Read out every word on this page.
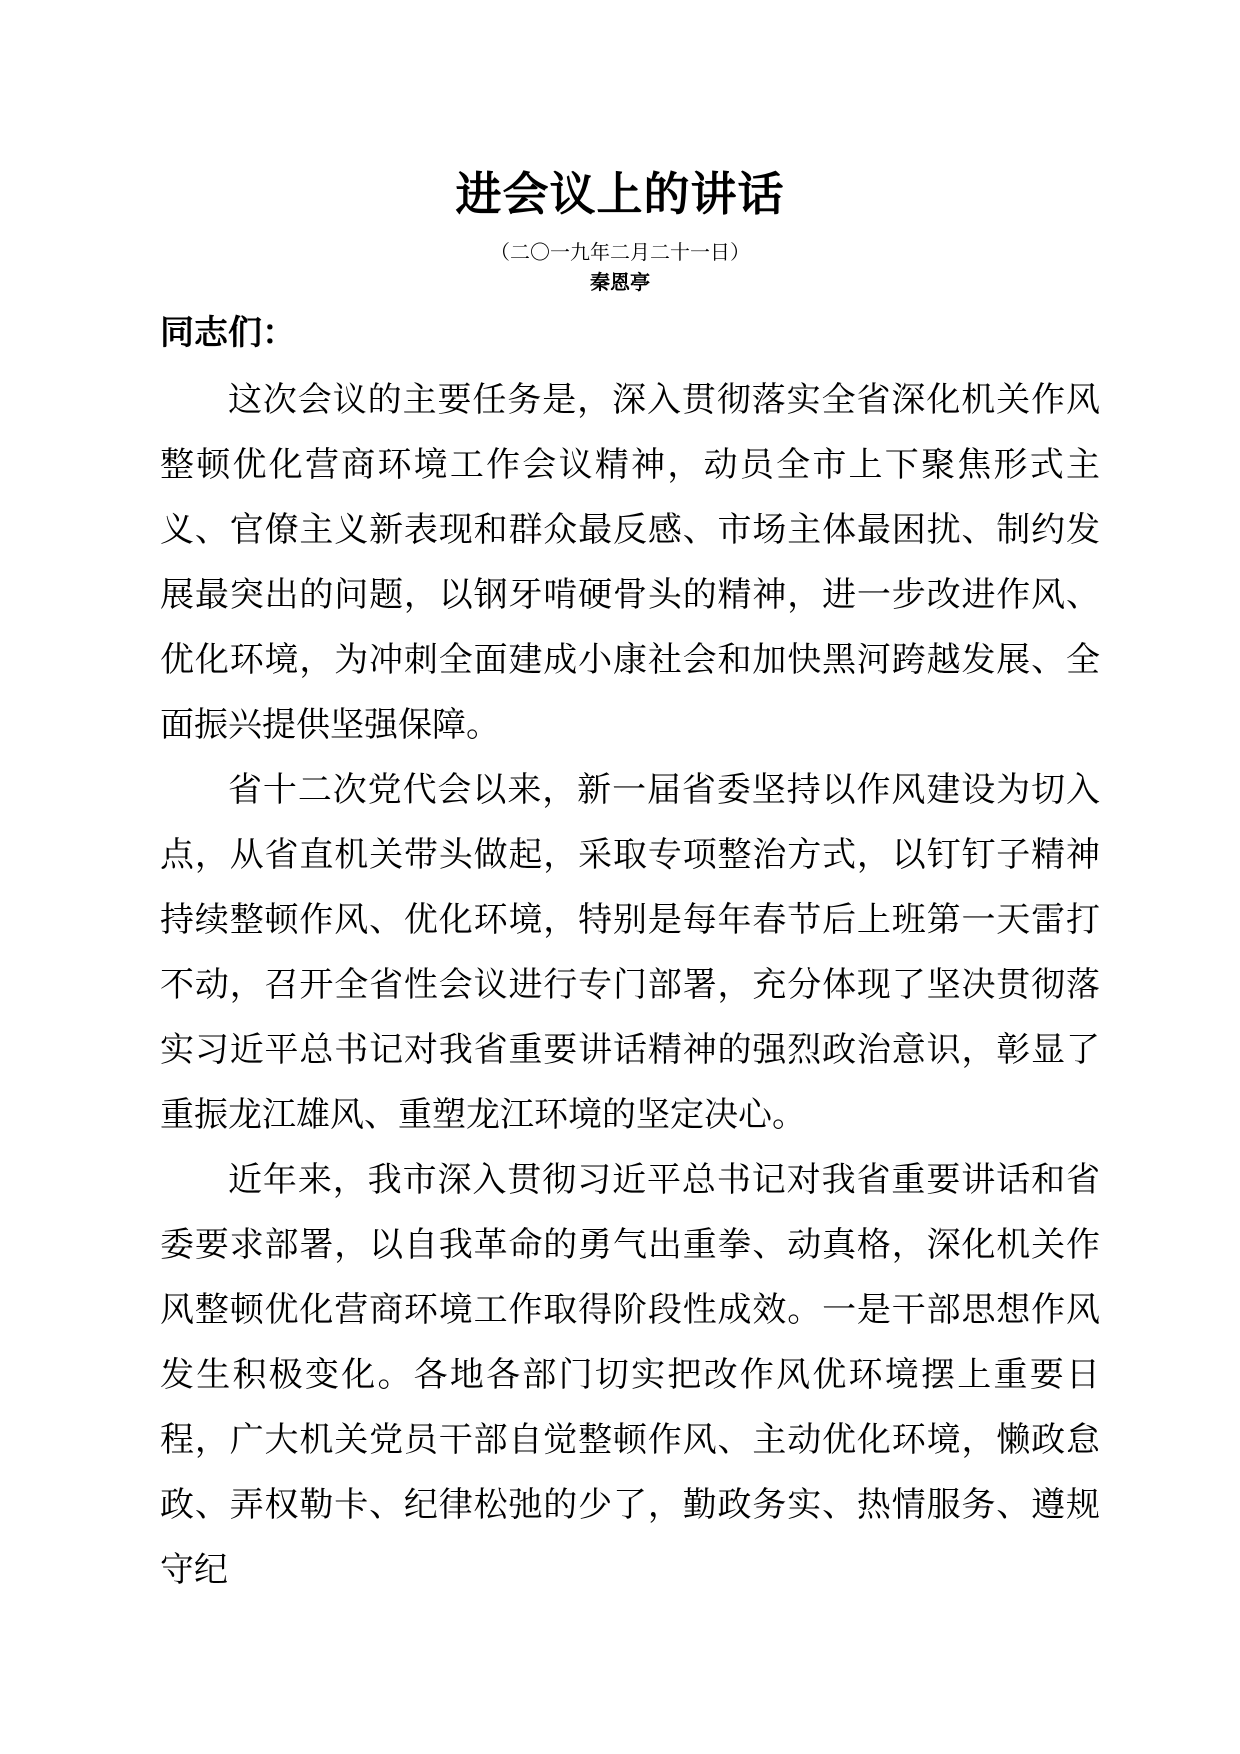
进会议上的讲话
（二〇一九年二月二十一日）
秦恩亭
同志们：

这次会议的主要任务是，深入贯彻落实全省深化机关作风整顿优化营商环境工作会议精神，动员全市上下聚焦形式主义、官僚主义新表现和群众最反感、市场主体最困扰、制约发展最突出的问题，以钢牙啃硬骨头的精神，进一步改进作风、优化环境，为冲刺全面建成小康社会和加快黑河跨越发展、全面振兴提供坚强保障。

省十二次党代会以来，新一届省委坚持以作风建设为切入点，从省直机关带头做起，采取专项整治方式，以钉钉子精神持续整顿作风、优化环境，特别是每年春节后上班第一天雷打不动，召开全省性会议进行专门部署，充分体现了坚决贯彻落实习近平总书记对我省重要讲话精神的强烈政治意识，彰显了重振龙江雄风、重塑龙江环境的坚定决心。

近年来，我市深入贯彻习近平总书记对我省重要讲话和省委要求部署，以自我革命的勇气出重拳、动真格，深化机关作风整顿优化营商环境工作取得阶段性成效。一是干部思想作风发生积极变化。各地各部门切实把改作风优环境摆上重要日程，广大机关党员干部自觉整顿作风、主动优化环境，懒政怠政、弄权勒卡、纪律松弛的少了，勤政务实、热情服务、遵规守纪
